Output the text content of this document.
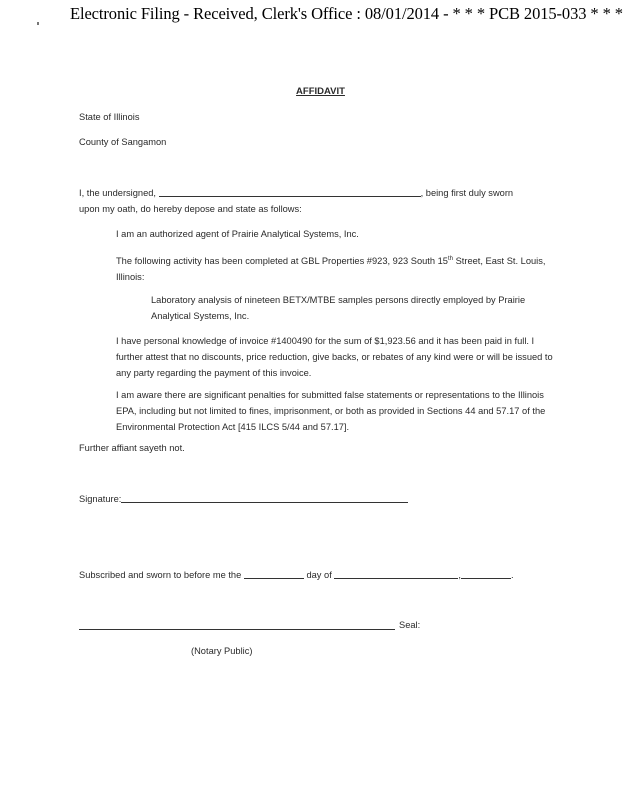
Electronic Filing - Received, Clerk's Office : 08/01/2014 - * * * PCB 2015-033 * * *
AFFIDAVIT
State of Illinois
County of Sangamon
I, the undersigned,	, being first duly sworn
upon my oath, do hereby depose and state as follows:
I am an authorized agent of Prairie Analytical Systems, Inc.
The following activity has been completed at GBL Properties #923, 923 South 15th Street, East St. Louis, Illinois:
Laboratory analysis of nineteen BETX/MTBE samples persons directly employed by Prairie Analytical Systems, Inc.
I have personal knowledge of invoice #1400490 for the sum of $1,923.56 and it has been paid in full. I further attest that no discounts, price reduction, give backs, or rebates of any kind were or will be issued to any party regarding the payment of this invoice.
I am aware there are significant penalties for submitted false statements or representations to the Illinois EPA, including but not limited to fines, imprisonment, or both as provided in Sections 44 and 57.17 of the Environmental Protection Act [415 ILCS 5/44 and 57.17].
Further affiant sayeth not.
Signature:
Subscribed and sworn to before me the	day of	,	.
Seal:
(Notary Public)
